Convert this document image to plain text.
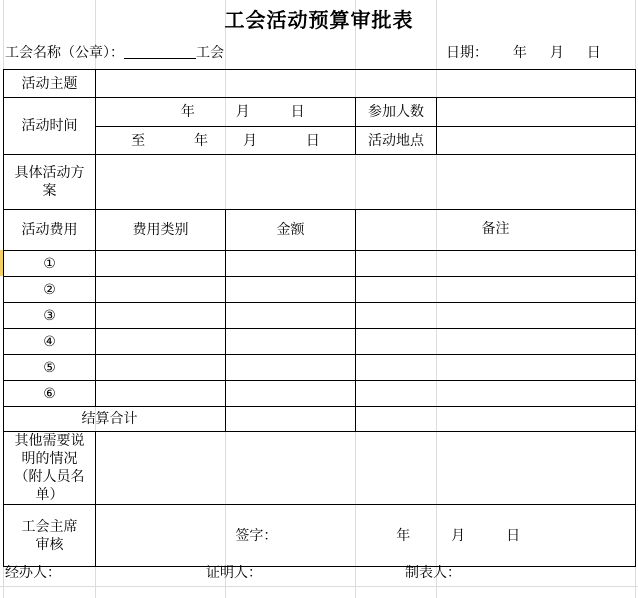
工会活动预算审批表
工会名称（公章）：	工会	日期： 年 月 日
活动主题				
活动时间	年 月 日		参加人数	
	至 年 月 日		活动地点	
具体活动方案				
活动费用	费用类别	金额	备注	
①				
②				
③				
④				
⑤				
⑥				
	结算合计			
其他需要说明的情况（附人员名单）				
工会主席审核	签字： 年 月 日			
经办人：	证明人：	制表人：
